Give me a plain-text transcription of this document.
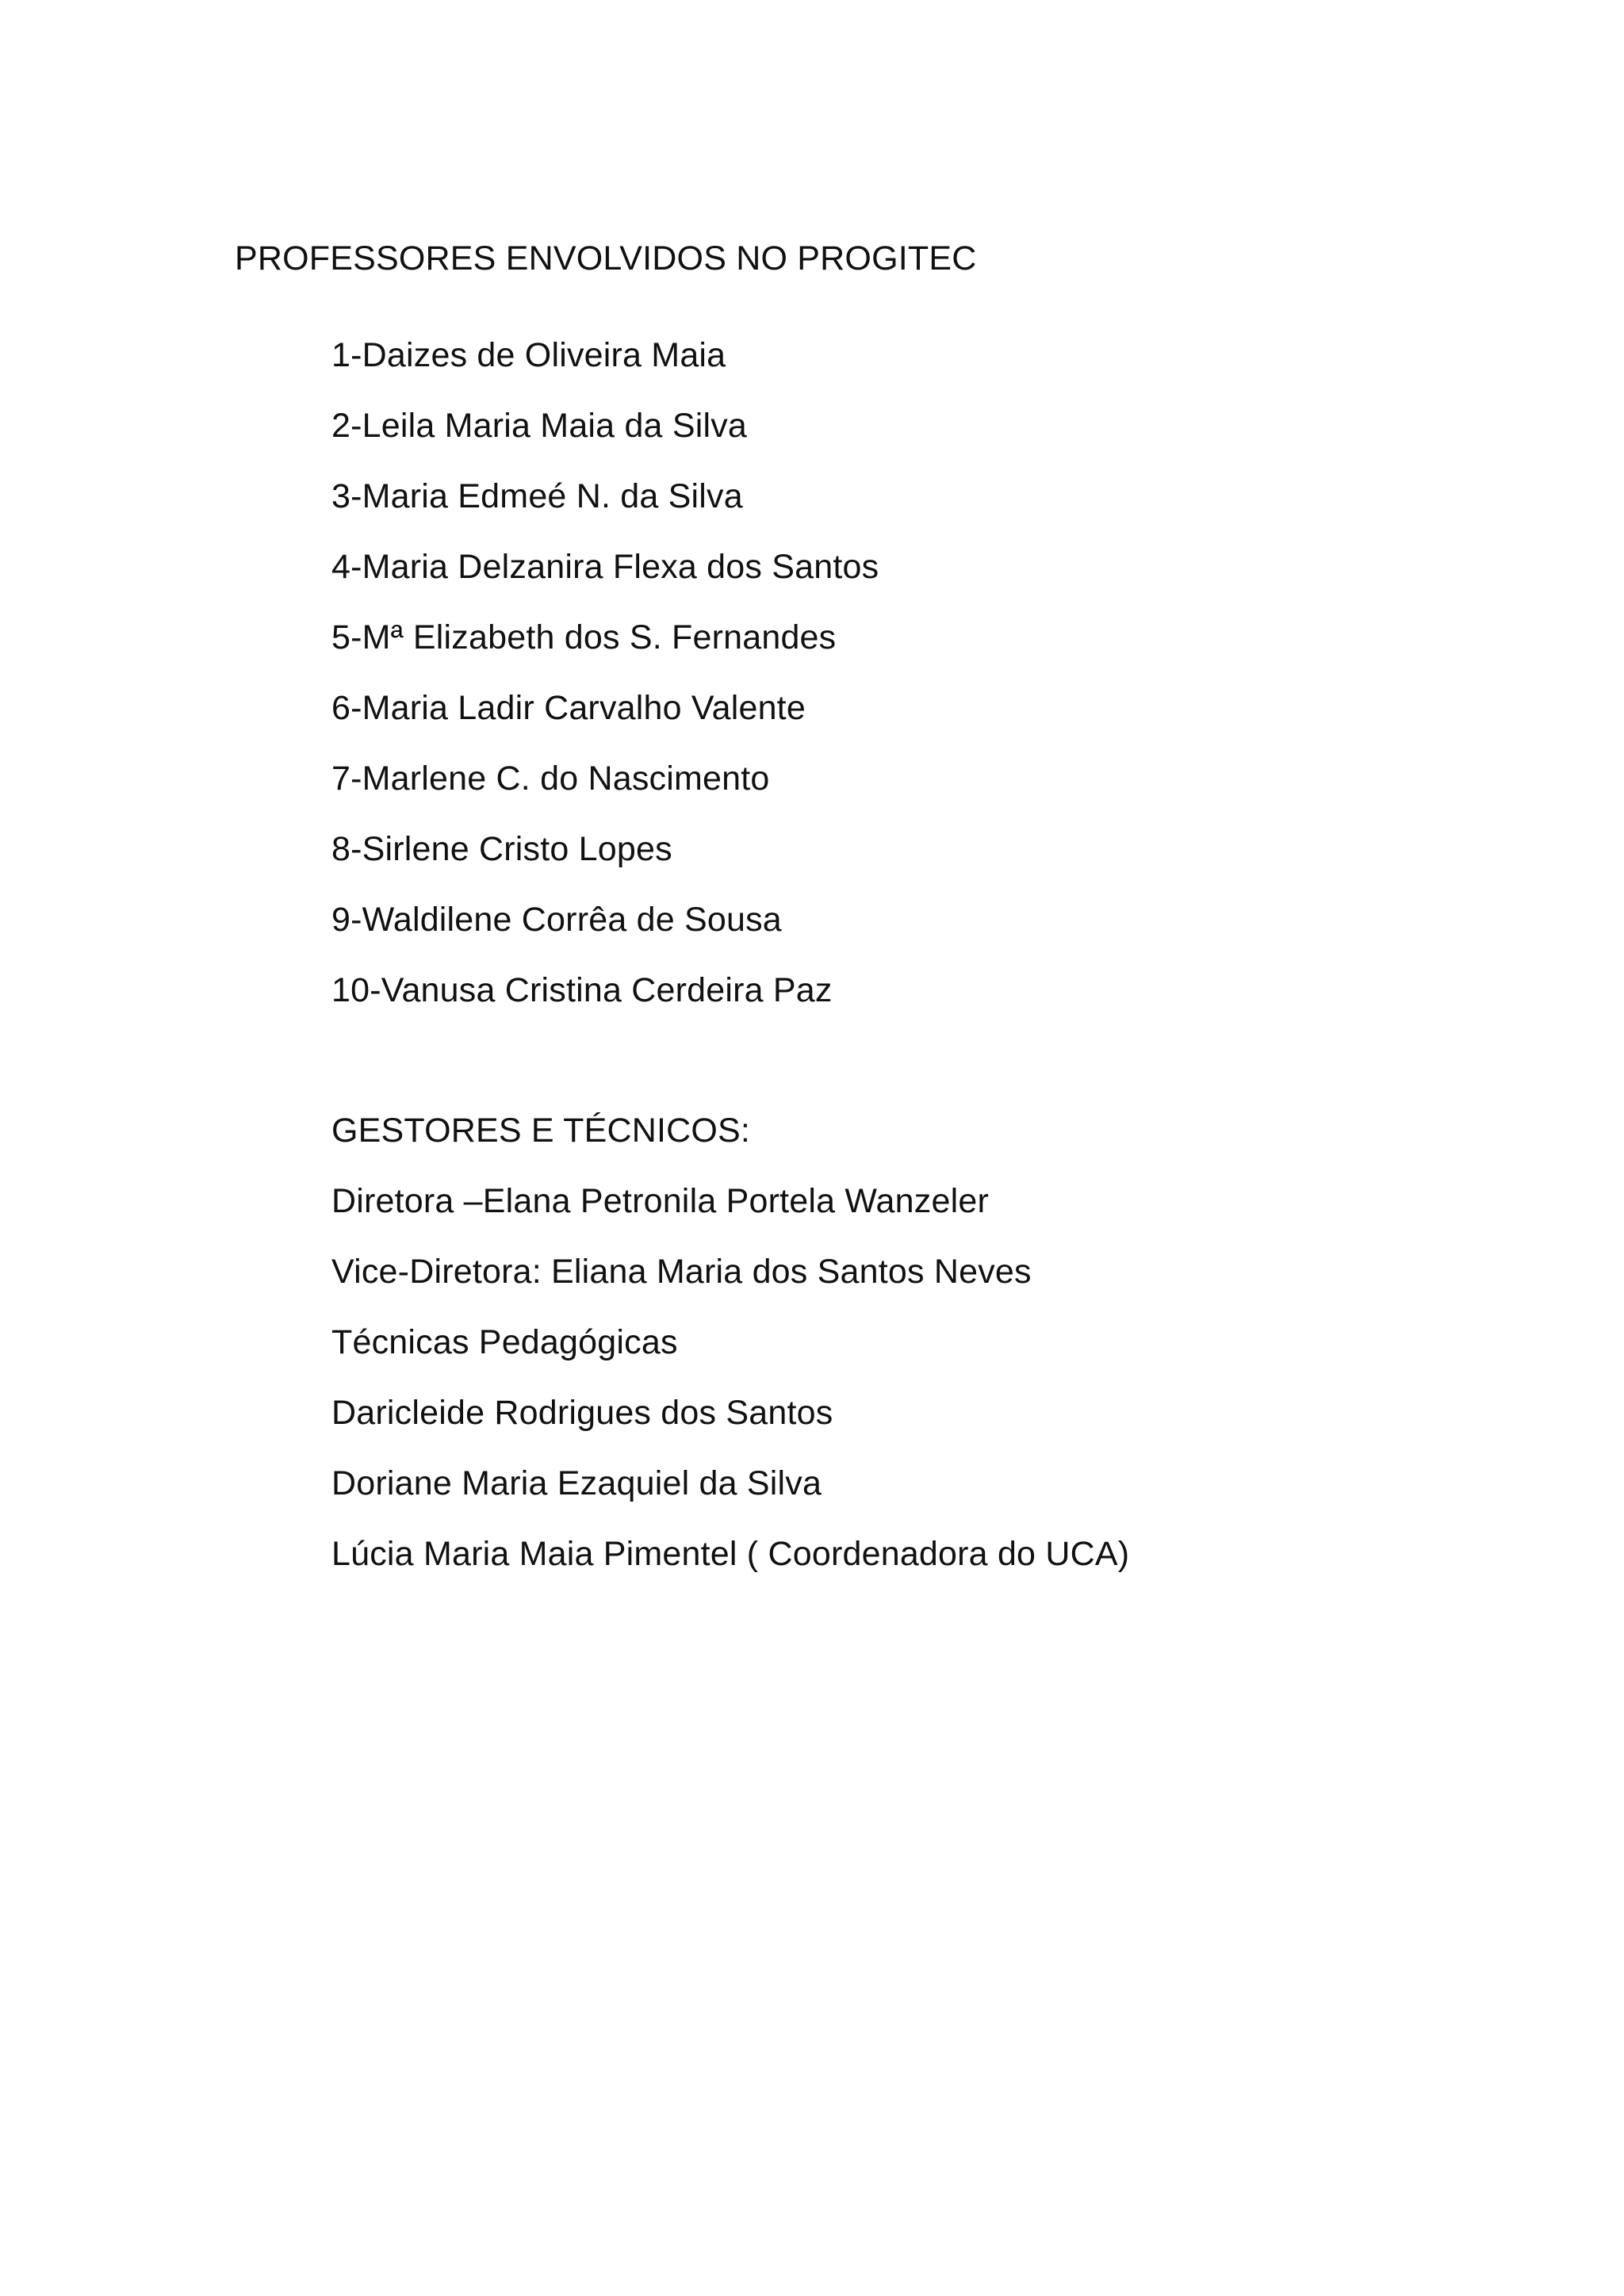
PROFESSORES ENVOLVIDOS NO PROGITEC
1-Daizes de Oliveira Maia
2-Leila Maria Maia da Silva
3-Maria Edmeé N. da Silva
4-Maria Delzanira Flexa dos Santos
5-Mª Elizabeth dos S. Fernandes
6-Maria Ladir Carvalho Valente
7-Marlene C. do Nascimento
8-Sirlene Cristo Lopes
9-Waldilene Corrêa de Sousa
10-Vanusa Cristina Cerdeira Paz
GESTORES E TÉCNICOS:
Diretora –Elana Petronila Portela Wanzeler
Vice-Diretora: Eliana Maria dos Santos Neves
Técnicas Pedagógicas
Daricleide Rodrigues dos Santos
Doriane Maria Ezaquiel da Silva
Lúcia Maria Maia Pimentel ( Coordenadora do UCA)
